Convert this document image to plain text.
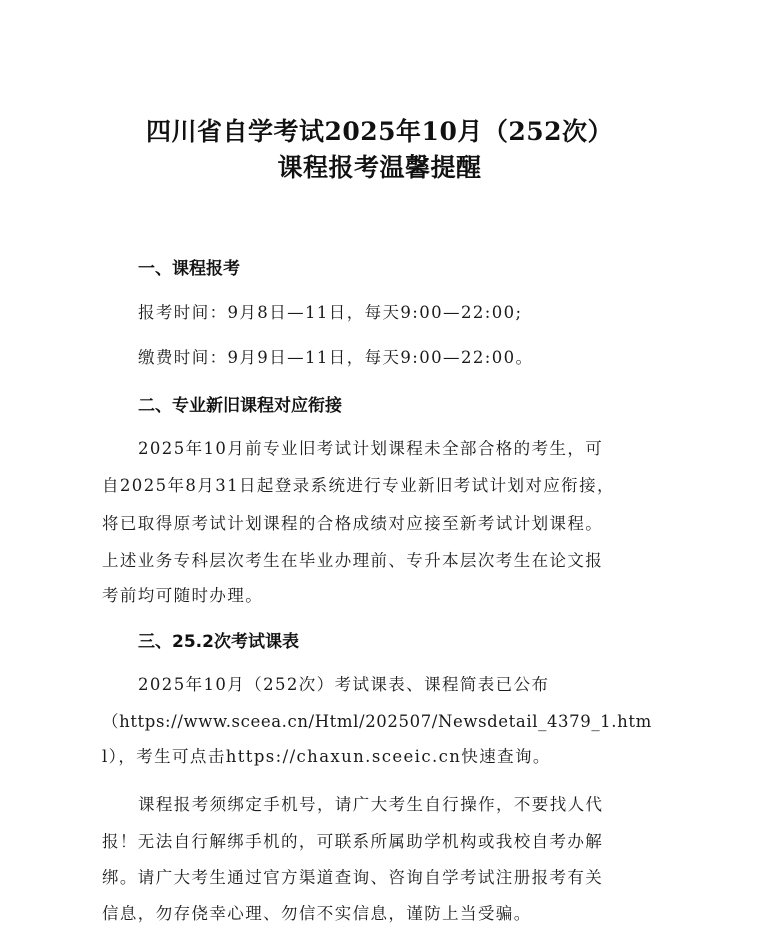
四川省自学考试2025年10月（252次）
课程报考温馨提醒
一、课程报考
报考时间：9月8日—11日，每天9:00—22:00;
缴费时间：9月9日—11日，每天9:00—22:00。
二、专业新旧课程对应衔接
2025年10月前专业旧考试计划课程未全部合格的考生，可
自2025年8月31日起登录系统进行专业新旧考试计划对应衔接，
将已取得原考试计划课程的合格成绩对应接至新考试计划课程。
上述业务专科层次考生在毕业办理前、专升本层次考生在论文报
考前均可随时办理。
三、25.2次考试课表
2025年10月（252次）考试课表、课程简表已公布
（https://www.sceea.cn/Html/202507/Newsdetail_4379_1.htm
l），考生可点击https://chaxun.sceeic.cn快速查询。
课程报考须绑定手机号，请广大考生自行操作，不要找人代
报！无法自行解绑手机的，可联系所属助学机构或我校自考办解
绑。请广大考生通过官方渠道查询、咨询自学考试注册报考有关
信息，勿存侥幸心理、勿信不实信息，谨防上当受骗。
